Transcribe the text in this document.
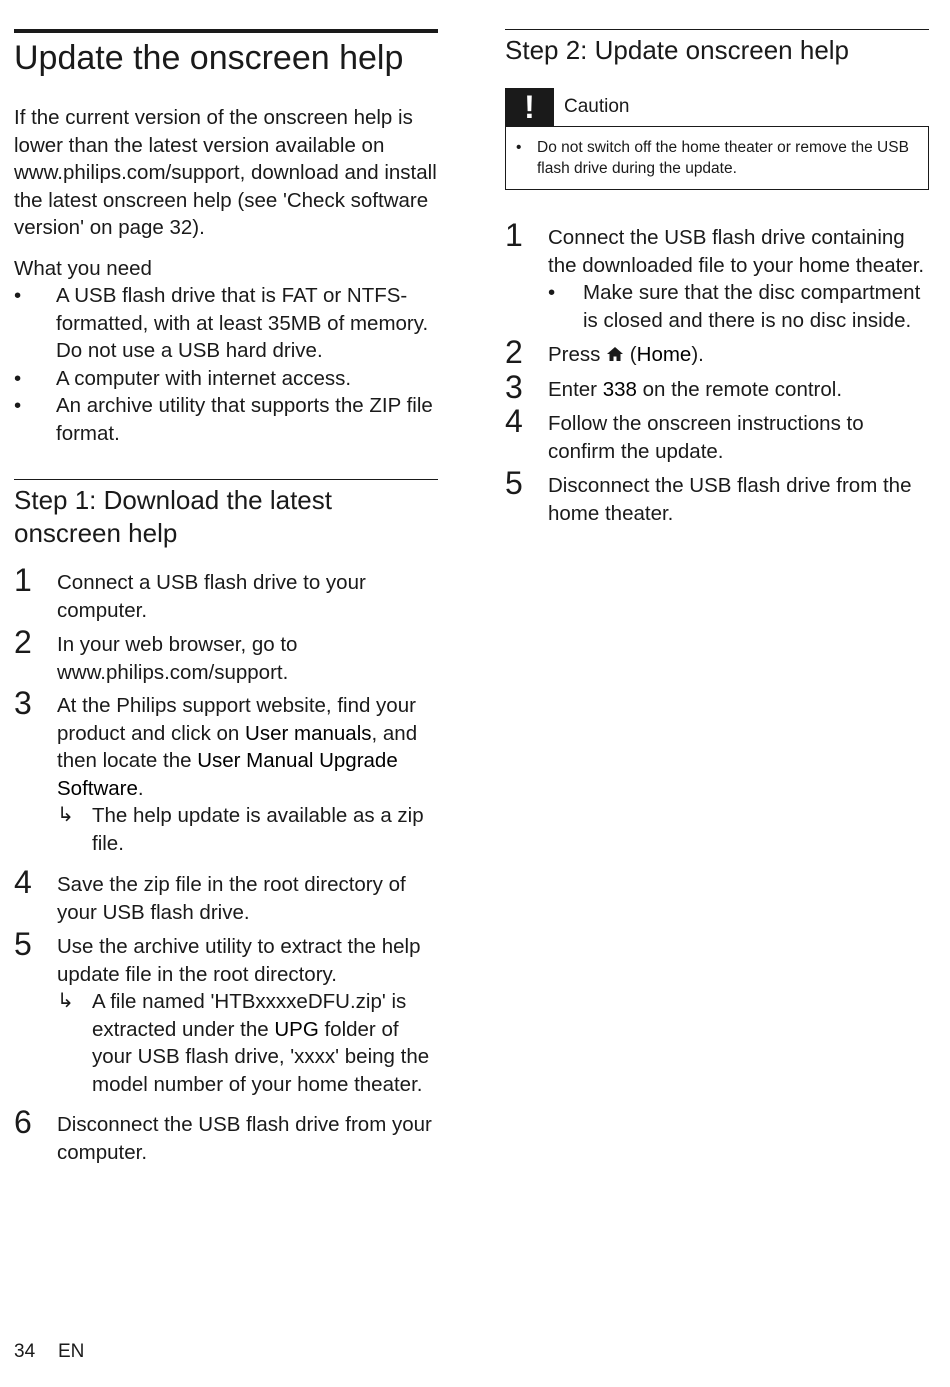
Update the onscreen help

If the current version of the onscreen help is lower than the latest version available on www.philips.com/support, download and install the latest onscreen help (see 'Check software version' on page 32).

What you need

• A USB flash drive that is FAT or NTFS-formatted, with at least 35MB of memory. Do not use a USB hard drive.
• A computer with internet access.
• An archive utility that supports the ZIP file format.
Step 1: Download the latest onscreen help
1 Connect a USB flash drive to your computer.
2 In your web browser, go to www.philips.com/support.
3 At the Philips support website, find your product and click on User manuals, and then locate the User Manual Upgrade Software.
↳ The help update is available as a zip file.
4 Save the zip file in the root directory of your USB flash drive.
5 Use the archive utility to extract the help update file in the root directory.
↳ A file named 'HTBxxxxeDFU.zip' is extracted under the UPG folder of your USB flash drive, 'xxxx' being the model number of your home theater.
6 Disconnect the USB flash drive from your computer.
Step 2: Update onscreen help
!	Caution
• Do not switch off the home theater or remove the USB flash drive during the update.
1 Connect the USB flash drive containing the downloaded file to your home theater.
• Make sure that the disc compartment is closed and there is no disc inside.
2 Press  (Home).
3 Enter 338 on the remote control.
4 Follow the onscreen instructions to confirm the update.
5 Disconnect the USB flash drive from the home theater.
34 EN
